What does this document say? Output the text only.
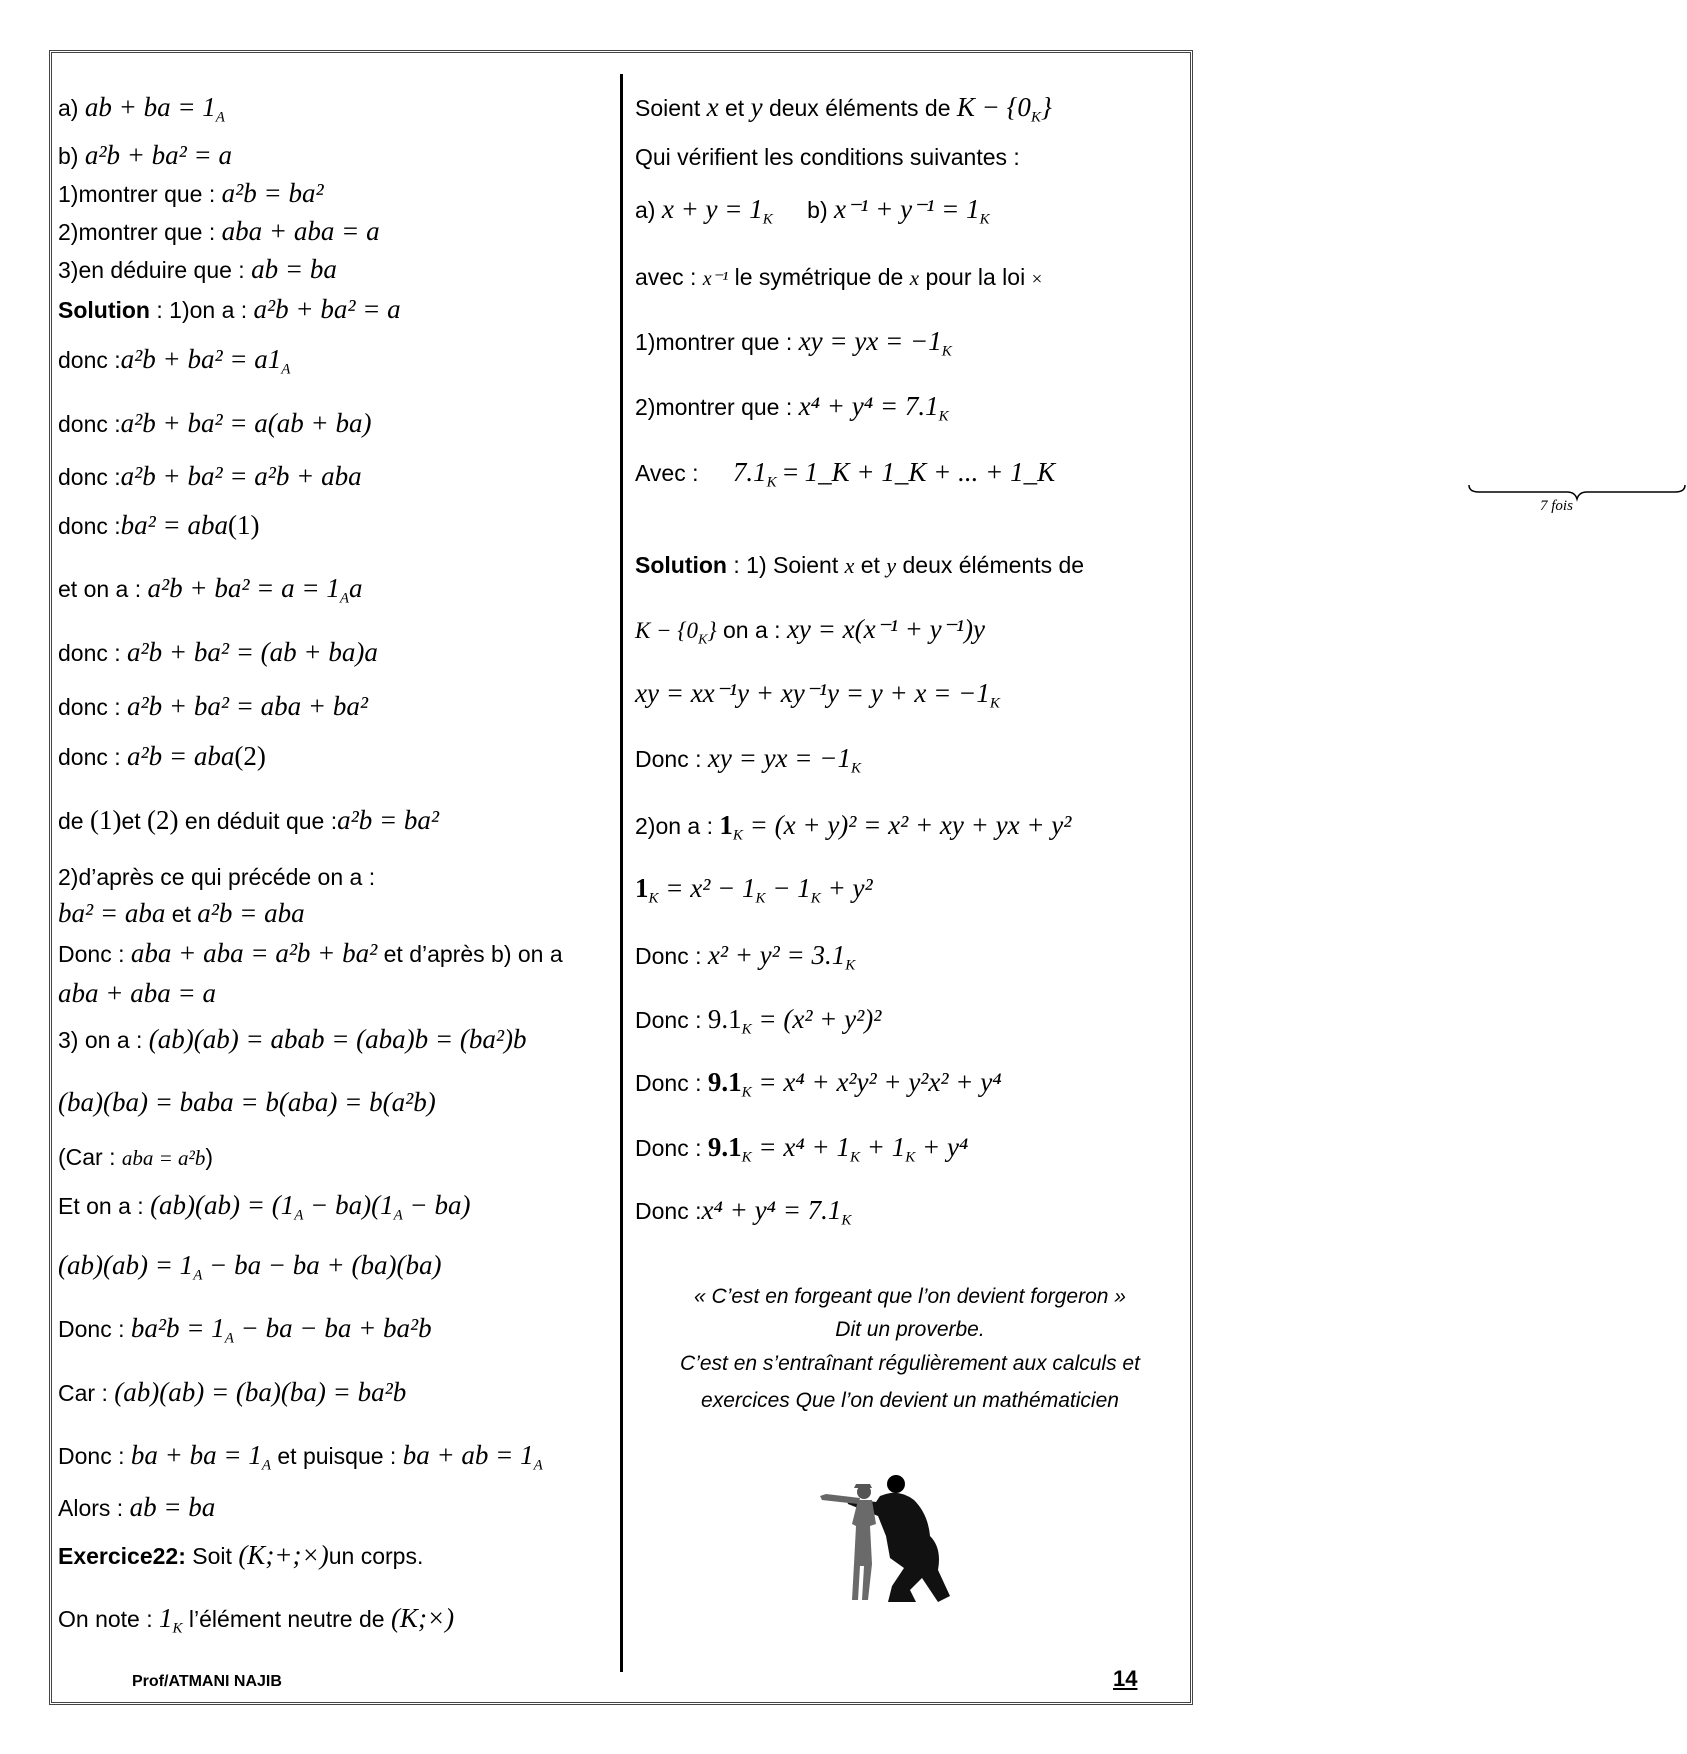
a) ab + ba = $1_A$
b) a²b + ba² = a
1)montrer que : a²b = ba²
2)montrer que : aba + aba = a
3)en déduire que : ab = ba
Solution : 1)on a : a²b + ba² = a
donc :a²b + $ba^2 = a1_A$
donc :a²b + ba² = a(ab + ba)
donc :a²b + ba² = a²b + aba
donc :ba² = aba(1)
et on a : $a^2b + ba^2 = a = 1_Aa$
donc : a²b + ba² = (ab + ba)a
donc : a²b + ba² = aba + ba²
donc : a²b = aba(2)
de (1)et (2) en déduit que :a²b = ba²
2)d’après ce qui précéde on a :
ba² = aba et a²b = aba
Donc : aba + aba = a²b + ba² et d’après b) on a
aba + aba = a
3) on a : (ab)(ab) = abab = (aba)b = (ba²)b
(ba)(ba) = baba = b(aba) = b(a²b)
(Car : aba = a²b)
Et on a : $(ab)(ab) = (1_A - ba)(1_A - ba)$
$(ab)(ab) = 1_A$ − ba − ba + (ba)(ba)
Donc : $ba^2b = 1_A$ − ba − ba + ba²b
Car : (ab)(ab) = (ba)(ba) = ba²b
Donc : ba + ba = $1_A$ et puisque : ba + ab = $1_A$
Alors : ab = ba
Exercice22: Soit (K;+;×)un corps.
On note : $1_K$ l’élément neutre de (K;×)
Soient x et y deux éléments de $K - \{0_K\}$
Qui vérifient les conditions suivantes :
a) $x + y = 1_K$ b) $x^{-1} + y^{-1} = 1_K$
avec : x⁻¹ le symétrique de x pour la loi ×
1)montrer que : xy = yx = $-1_K$
2)montrer que : $x^4 + y^4 = 7.1_K$
Avec : $7.1_K$ = 1_K + 1_K + ... + 1_K
7 fois
Solution : 1) Soient x et y deux éléments de
$K - \{0_K\}$ on a : xy = x(x⁻¹ + y⁻¹)y
xy = $xx^{-1}y + xy^{-1}y = y + x = -1_K$
Donc : xy = yx = $-1_K$
2)on a : $1_K = (x + y)^2 = x^2$ + xy + yx + y²
$1_K = x^2 - 1_K - 1_K + y^2$
Donc : $x^2 + y^2 = 3.1_K$
Donc : $9.1_K = (x^2 + y^2)^2$
Donc : $9.1_K = x^4 + x^2y^2 + y^2x^2 + y^4$
Donc : $9.1_K = x^4 + 1_K + 1_K + y^4$
Donc :x⁴ + $y^4 = 7.1_K$
« C’est en forgeant que l’on devient forgeron »
Dit un proverbe.
C’est en s’entraînant régulièrement aux calculs et
exercices Que l’on devient un mathématicien
Prof/ATMANI NAJIB	14
